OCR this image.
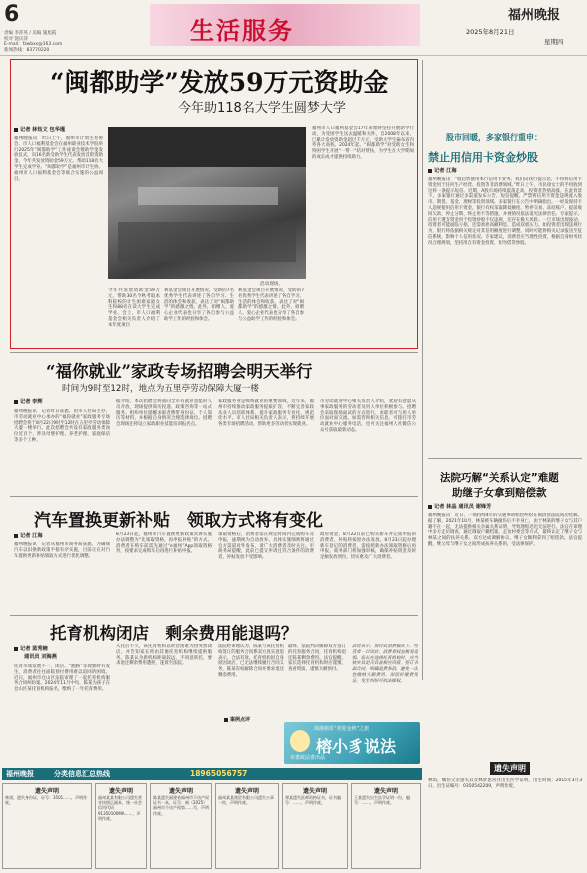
6
责编 李萍英 / 美编 施旭霞
校对 饶庆萍
E-mail：fzwbxs@163.com
新闻热线：83770220
生活服务
福州晚报
2025年8月21日
星期四
“闽都助学”发放59万元资助金
今年助118名大学生圆梦大学
记者 林钰文 包华瑾
福州晚报讯　昨日上午，福州市计划生育协会、市人口福利基金会在福州职业技术学院举行2025年“闽都助学”工作座谈会暨助学金发放仪式，向16名新受助学生代表发放首批资助金。今年共发放资助金59万元，帮助118名大学生完成学业。“闽都助学”是福州市计生协、福州市人口福利基金会等联合实施的公益项目。
活动现场。
今年共发放资助金59万元，帮助30名今秋考取本科院校的计生困难家庭女生和88名在读大学生完成学业。会上，市人口福利基金会相关负责人介绍了本年度项目
利基金会项目开展情况，受助的7名优秀学生代表讲述了各自学习、生活的体会和收获，表达了对“闽都助学”的感激之情。此外，捐赠人、爱心企业代表也分享了各自参与公益助学工作的经验和体会。
利基金会项目开展情况，受助的7名优秀学生代表讲述了各自学习、生活的体会和收获，表达了对“闽都助学”的感激之情。此外，捐赠人、爱心企业代表也分享了各自参与公益助学工作的经验和体会。
福州市人口福利基金会17年来始终坚持开展助学行动，为受困学生送去温暖和关怀。自2008年以来，已累计发放资助金超过千万元，受助大学生遍布省内外各大高校。2024年起，“闽都助学”对受助女生和特困学生开展“一帮一”结对帮扶，为学生在大学期间的成长成才提供持续助力。
股市回暖，多家银行重申：
禁止用信用卡资金炒股
记者 江海
福州晚报讯　“收趋势使用本行信用卡业务。我们向我行提示您，不得将信用卡资金用于任何生产经营、投资等非消费领域。”昨日上午，市民徐女士的手机收到这样一条提示短信。近期，A股市场持续震荡走高，投资者热情高涨，在此背景下，多家银行通过多渠道发布公告、短信提醒，严禁将信用卡资金违规流入股市、期货、基金、理财等投资领域。多家银行在公告中明确指出，一经发现持卡人违规使用信用卡资金，银行有权采取降低额度、暂停交易、冻结账户、提前收回欠款、停止分期、终止用卡等措施，并视情况依法追究法律责任。专家提示，信用卡透支资金用于投资炒股不仅违规，还存在极大风险。一旦市场出现波动，投资者可能面临亏损，还需承担高额利息，造成双重压力。如投资者出现违规行为，银行将依据相关规定对其信用额度进行调整，同时可能将相关记录报送至征信系统，影响个人信用状况。专家建议，消费者应当理性投资，根据自身财务状况合理规划，坚持用自有资金投资，切勿借贷炒股。
法院巧解“关系认定”难题
助继子女拿到赔偿款
记者 林晶 通讯员 谢锋芳
福州晚报讯　近日，一场持续4年的交通事故赔偿纠纷在闽清县法院成功化解。据了解，2021年10月，林某被车辆撞伤后不幸身亡，由于林某的继子女与其户籍不在一起，无法提供相关亲属关系证明，导致理赔迟迟无法进行。法官在审理中多方走访调查，通过调取户籍档案、走访村委会等方式，最终认定了继子女与林某之间的扶养关系，双方达成调解协议，继子女顺利拿到了赔偿款。法官提醒，继父母与继子女之间形成扶养关系的，受法律保护。
遗失声明
林琪，慨你父亲遗失其女林梦思常住出生医学证明，出生时间：2015年3月3日，出生证编号：0350542209，声明作废。
“福你就业”家政专场招聘会明天举行
时间为9时至12时，地点为五里亭劳动保障大厦一楼
记者 李辉
福州晚报讯　记者昨日获悉，由市人社局主办，市劳动就业中心承办的“福你就业”家政服务专场招聘会将于8月22日9时至12时在五里亭劳动保障大厦一楼举行。此次招聘会共设有家政服务类岗位近百个，涉及母婴护理、养老护理、家庭保洁等多个工种。
据介绍，本次招聘会将面向全市有就业意愿的人员开放，现场提供简历投递、政策咨询等一站式服务。组织单位提醒求职者携带身份证、个人简历等材料，并根据自身情况合理选择岗位。招聘会现场还将设立家政职业技能培训报名点。
家政服务业是吸纳就业的重要领域。近年来，福州市持续推动家政服务提质扩容，不断完善家政从业人员培训体系，提升家政服务专业化、规范化水平。市人社局相关负责人表示，将持续开展各类专场招聘活动，帮助更多劳动者实现就业。
市劳动就业中心相关负责人介绍，欢迎有意愿从事家政服务的劳动者及用人单位积极参与。招聘会采取现场面试的方式进行，求职者可与用人单位面对面交流。如需咨询相关信息，可拨打市劳动就业中心服务电话，也可关注福州人社微信公众号获取最新动态。
汽车置换更新补贴　领取方式将有变化
记者 江海
福州晚报讯　记者从福州市商务局获悉，为确保汽车以旧换新政策平稳有序实施，目前正在对汽车置换更新补贴领取方式进行优化调整。
8月23日起，福州市汽车置换更新政策具体实施办法调整为“先领取资格，再申报补贴”的方式。消费者在购车前需先通过“e福州”App领取资格券，按要求完成购车后再进行补贴申报。
领取资格后，消费者需在规定时间内完成购车及申报，逾期视为自动放弃。具体实施细则将通过官方渠道对外发布，请广大消费者及时关注。市商务局提醒，此前已提交申请且符合条件的消费者，补贴发放不受影响。
政府资金，8月22日前已购买新车并完成申报的消费者，补贴将按原办法发放。8月23日起办理新车登记的消费者，需按照新办法领取资格后再申报。商务部门将加强审核，确保补贴资金及时足额发放到位，切实惠及广大消费者。
托育机构闭店　剩余费用能退吗？
记者 蓝秀楠
通讯员 刘海燕
托育市场发展不一，闭店、“跑路”等现象时有发生，消费者往往面临预付费用难以追回的困境。近日，福州市仓山区法院审理了一起托育机构服务合同纠纷案。2024年11月中旬，陈某为孩子在仓山区某托育机构报名，缴纳了一年托育费用。
入托后不久，该托育机构以经营困难为由突然闭店，并告知家长将由其他托育机构继续提供服务。陈某认为新机构距离较远，不同意转托，要求退还剩余费用遭拒，遂诉至法院。
法院经审理认为，陈某与该托育机构签订的服务合同系双方真实意思表示，合法有效。托育机构因自身原因闭店，已无法继续履行合同义务，陈某有权解除合同并要求退还剩余费用。
最终，法院判决解除双方签订的托育服务合同，托育机构退还陈某剩余费用。法官提醒，家长选择托育机构时应谨慎，查看资质，谨慎大额预付。
案例点评
法官表示，预付式消费模式下，经营者一旦闭店，消费者权益极易受损。家长在选择托育机构时，应当核实其是否具备相应资质，签订书面合同，明确退费条款，避免一次性缴纳大额费用，保留好缴费凭证，发生纠纷可依法维权。
漳港榕乐“喜迎金秋”之旅
榕小豸说法
市委政法委出品
福州晚报	分类信息汇总热线	18965056757
遗失声明
林祺，遗失身份证，证号：3501……，声明作废。
遗失声明
福州某某有限公司遗失营业执照正副本，统一社会信用代码91350100MA……，声明作废。
遗失声明
陈某遗失福建省福州市不动产权证书一本，证号：闽（2025）福州市不动产权第……号，声明作废。
遗失声明
福州某某商贸有限公司遗失公章一枚，声明作废。
遗失声明
郑某遗失医师资格证书，证书编号：……，声明作废。
遗失声明
王某遗失出生医学证明一份，编号：……，声明作废。
